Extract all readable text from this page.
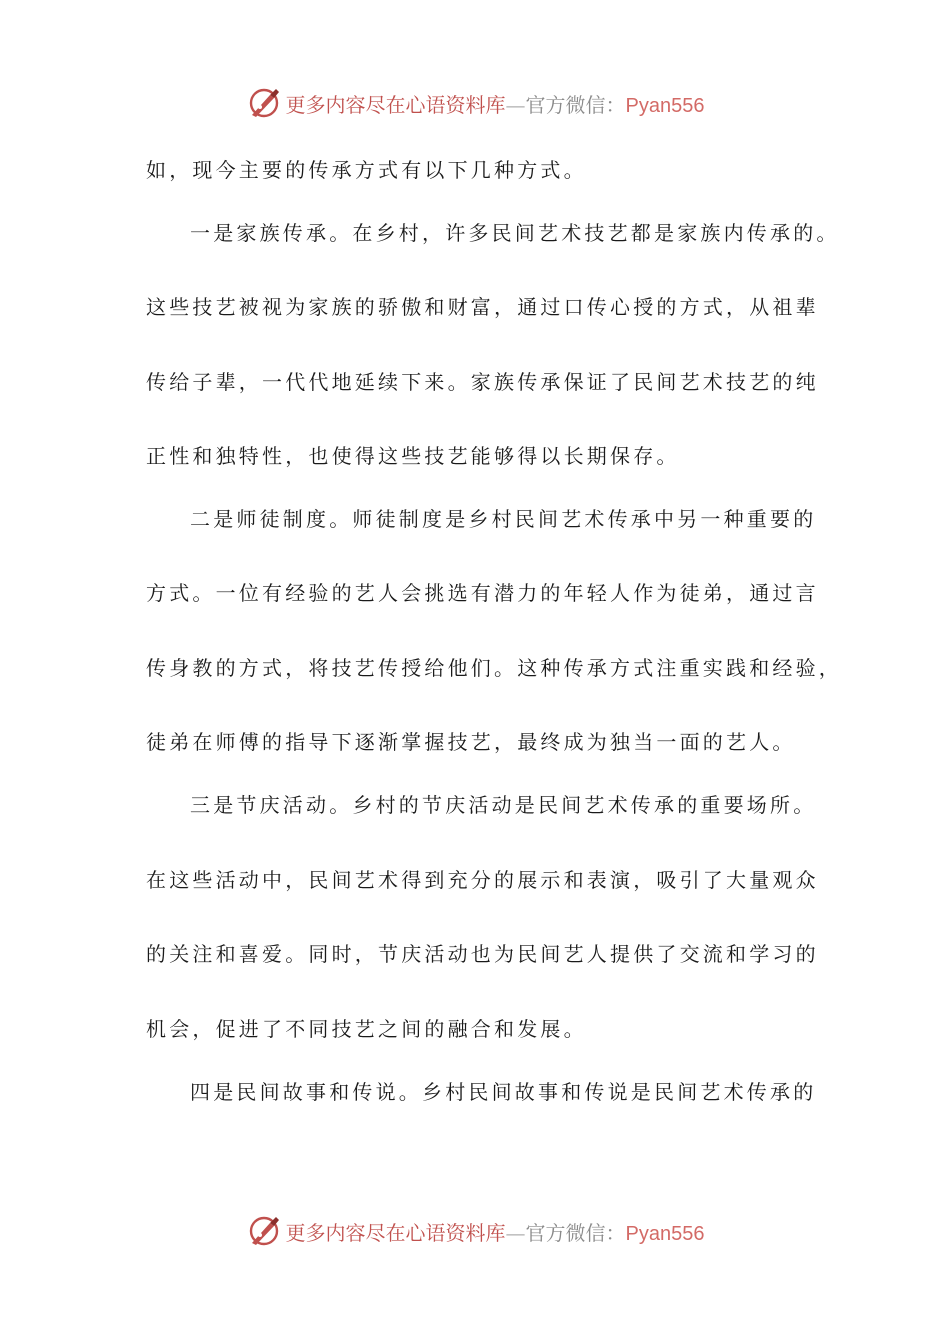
更多内容尽在心语资料库—官方微信：Pyan556
如，现今主要的传承方式有以下几种方式。
一是家族传承。在乡村，许多民间艺术技艺都是家族内传承的。
这些技艺被视为家族的骄傲和财富，通过口传心授的方式，从祖辈
传给子辈，一代代地延续下来。家族传承保证了民间艺术技艺的纯
正性和独特性，也使得这些技艺能够得以长期保存。
二是师徒制度。师徒制度是乡村民间艺术传承中另一种重要的
方式。一位有经验的艺人会挑选有潜力的年轻人作为徒弟，通过言
传身教的方式，将技艺传授给他们。这种传承方式注重实践和经验，
徒弟在师傅的指导下逐渐掌握技艺，最终成为独当一面的艺人。
三是节庆活动。乡村的节庆活动是民间艺术传承的重要场所。
在这些活动中，民间艺术得到充分的展示和表演，吸引了大量观众
的关注和喜爱。同时，节庆活动也为民间艺人提供了交流和学习的
机会，促进了不同技艺之间的融合和发展。
四是民间故事和传说。乡村民间故事和传说是民间艺术传承的
更多内容尽在心语资料库—官方微信：Pyan556
